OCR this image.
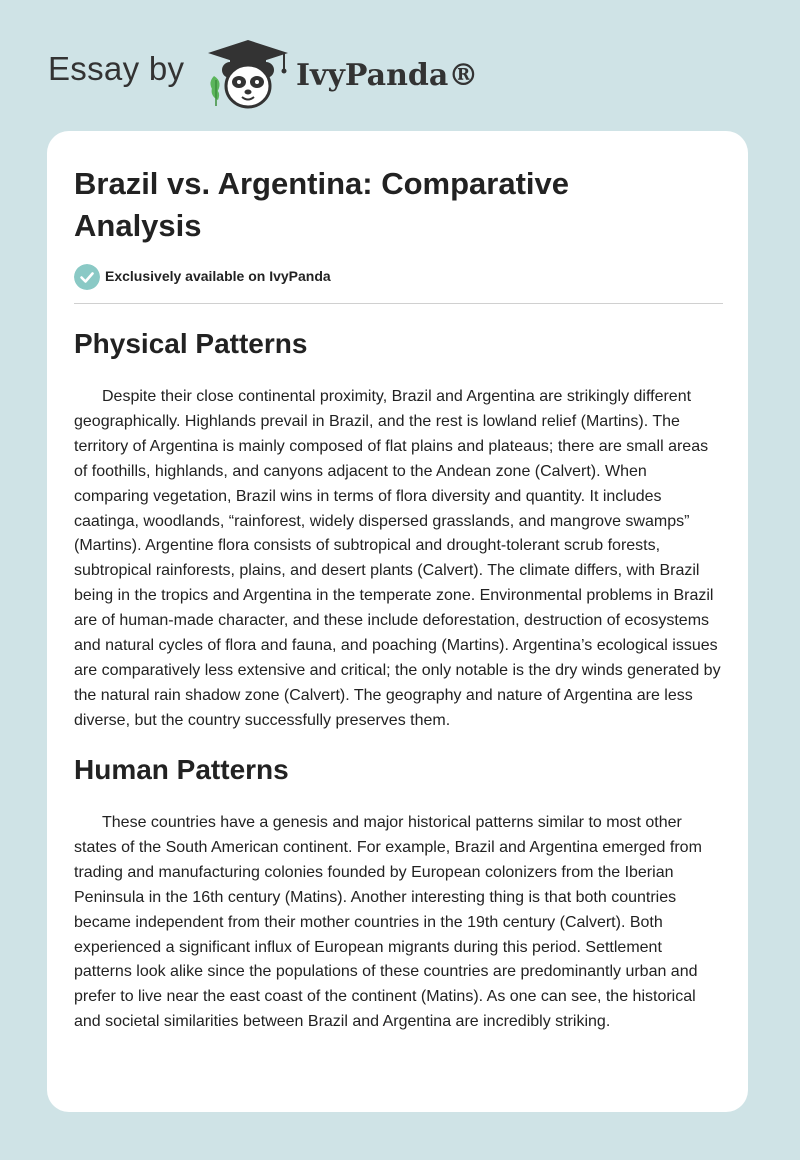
Essay by	IvyPanda®
Brazil vs. Argentina: Comparative Analysis
Exclusively available on IvyPanda
Physical Patterns

Despite their close continental proximity, Brazil and Argentina are strikingly different geographically. Highlands prevail in Brazil, and the rest is lowland relief (Martins). The territory of Argentina is mainly composed of flat plains and plateaus; there are small areas of foothills, highlands, and canyons adjacent to the Andean zone (Calvert). When comparing vegetation, Brazil wins in terms of flora diversity and quantity. It includes caatinga, woodlands, “rainforest, widely dispersed grasslands, and mangrove swamps” (Martins). Argentine flora consists of subtropical and drought-tolerant scrub forests, subtropical rainforests, plains, and desert plants (Calvert). The climate differs, with Brazil being in the tropics and Argentina in the temperate zone. Environmental problems in Brazil are of human-made character, and these include deforestation, destruction of ecosystems and natural cycles of flora and fauna, and poaching (Martins). Argentina’s ecological issues are comparatively less extensive and critical; the only notable is the dry winds generated by the natural rain shadow zone (Calvert). The geography and nature of Argentina are less diverse, but the country successfully preserves them.

Human Patterns

These countries have a genesis and major historical patterns similar to most other states of the South American continent. For example, Brazil and Argentina emerged from trading and manufacturing colonies founded by European colonizers from the Iberian Peninsula in the 16th century (Matins). Another interesting thing is that both countries became independent from their mother countries in the 19th century (Calvert). Both experienced a significant influx of European migrants during this period. Settlement patterns look alike since the populations of these countries are predominantly urban and prefer to live near the east coast of the continent (Matins). As one can see, the historical and societal similarities between Brazil and Argentina are incredibly striking.
